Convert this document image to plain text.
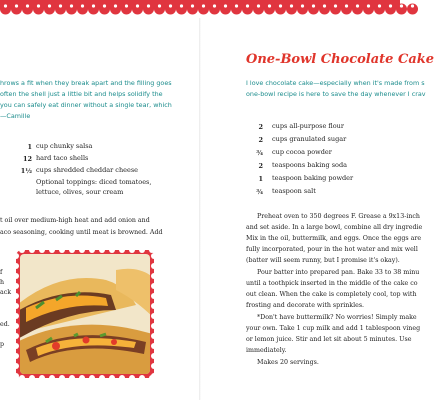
hrows a fit when they break apart and the filling goes
often the shell just a little bit and helps solidify the
you can safely eat dinner without a single tear, which
—Camille
1 cup chunky salsa
12 hard taco shells
1½ cups shredded cheddar cheese
Optional toppings: diced tomatoes,
lettuce, olives, sour cream
t oil over medium-high heat and add onion and
aco seasoning, cooking until meat is browned. Add
f
h
ack
ed.
p
One-Bowl Chocolate Cake
I love chocolate cake—especially when it's made from s
one-bowl recipe is here to save the day whenever I crav
2 cups all-purpose flour
2 cups granulated sugar
¾ cup cocoa powder
2 teaspoons baking soda
1 teaspoon baking powder
¾ teaspoon salt
Preheat oven to 350 degrees F. Grease a 9x13-inch
and set aside. In a large bowl, combine all dry ingredie
Mix in the oil, buttermilk, and eggs. Once the eggs are
fully incorporated, pour in the hot water and mix well
(batter will seem runny, but I promise it's okay).
Pour batter into prepared pan. Bake 33 to 38 minu
until a toothpick inserted in the middle of the cake co
out clean. When the cake is completely cool, top with
frosting and decorate with sprinkles.
*Don't have buttermilk? No worries! Simply make
your own. Take 1 cup milk and add 1 tablespoon vineg
or lemon juice. Stir and let sit about 5 minutes. Use
immediately.
Makes 20 servings.
